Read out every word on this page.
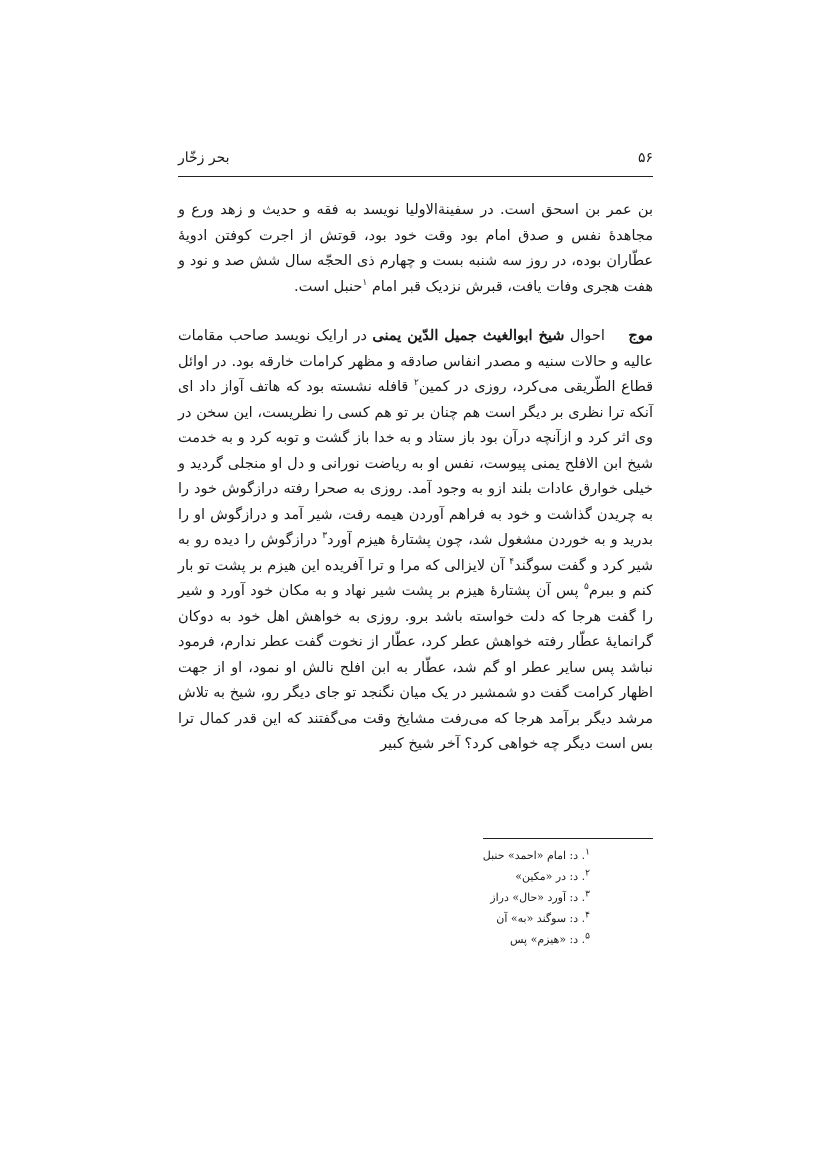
۵۶
بحر زخّار

بن عمر بن اسحق است. در سفینةالاولیا نویسد به فقه و حدیث و زهد ورع و مجاهدهٔ نفس و صدق امام بود وقت خود بود، قوتش از اجرت کوفتن ادویهٔ عطّاران بوده، در روز سه شنبه بست و چهارم ذی الحجّه سال شش صد و نود و هفت هجری وفات یافت، قبرش نزدیک قبر امام $^۱$حنبل است.

موج احوال شیخ ابوالغیث جمیل الدّین یمنی در ارایک نویسد صاحب مقامات عالیه و حالات سنیه و مصدر انفاس صادقه و مظهر کرامات خارقه بود. در اوائل قطاع الطّریقی می‌کرد، روزی در کمین$^۲$ قافله نشسته بود که هاتف آواز داد ای آنکه ترا نظری بر دیگر است هم چنان بر تو هم کسی را نظریست، این سخن در وی اثر کرد و ازآنچه درآن بود باز ستاد و به خدا باز گشت و توبه کرد و به خدمت شیخ ابن الافلح یمنی پیوست، نفس او به ریاضت نورانی و دل او منجلی گردید و خیلی خوارق عادات بلند ازو به وجود آمد. روزی به صحرا رفته درازگوش خود را به چریدن گذاشت و خود به فراهم آوردن هیمه رفت، شیر آمد و درازگوش او را بدرید و به خوردن مشغول شد، چون پشتارهٔ هیزم آورد$^۳$ درازگوش را دیده رو به شیر کرد و گفت سوگند$^۴$ آن لایزالی که مرا و ترا آفریده این هیزم بر پشت تو بار کنم و ببرم$^۵$ پس آن پشتارهٔ هیزم بر پشت شیر نهاد و به مکان خود آورد و شیر را گفت هرجا که دلت خواسته باشد برو. روزی به خواهش اهل خود به دوکان گرانمایهٔ عطّار رفته خواهش عطر کرد، عطّار از نخوت گفت عطر ندارم، فرمود نباشد پس سایر عطر او گم شد، عطّار به ابن افلح نالش او نمود، او از جهت اظهار کرامت گفت دو شمشیر در یک میان نگنجد تو جای دیگر رو، شیخ به تلاش مرشد دیگر برآمد هرجا که می‌رفت مشایخ وقت می‌گفتند که این قدر کمال ترا بس است دیگر چه خواهی کرد؟ آخر شیخ کبیر

$^۱$. د: امام «احمد» حنبل
$^۲$. د: در «مکین»
$^۳$. د: آورد «حال» دراز
$^۴$. د: سوگند «به» آن
$^۵$. د: «هیزم» پس
